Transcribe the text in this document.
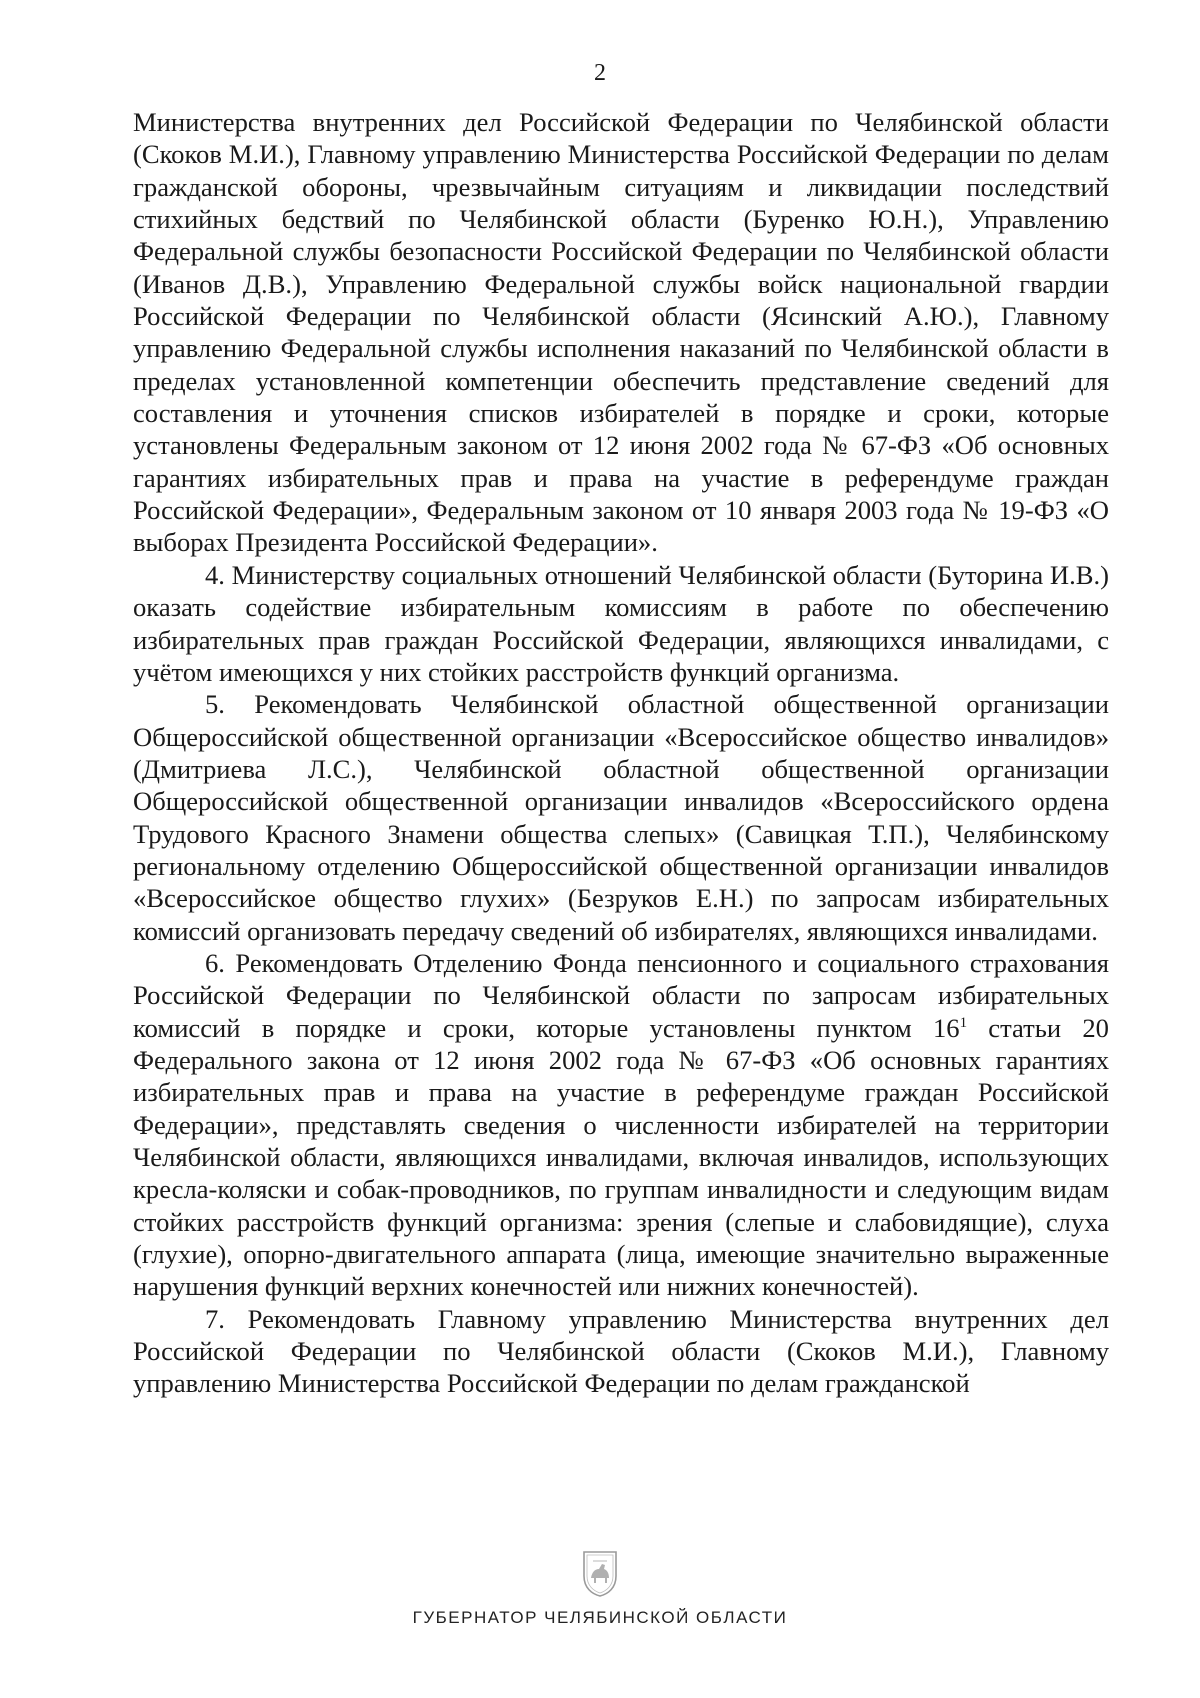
2

Министерства внутренних дел Российской Федерации по Челябинской области (Скоков М.И.), Главному управлению Министерства Российской Федерации по делам гражданской обороны, чрезвычайным ситуациям и ликвидации последствий стихийных бедствий по Челябинской области (Буренко Ю.Н.), Управлению Федеральной службы безопасности Российской Федерации по Челябинской области (Иванов Д.В.), Управлению Федеральной службы войск национальной гвардии Российской Федерации по Челябинской области (Ясинский А.Ю.), Главному управлению Федеральной службы исполнения наказаний по Челябинской области в пределах установленной компетенции обеспечить представление сведений для составления и уточнения списков избирателей в порядке и сроки, которые установлены Федеральным законом от 12 июня 2002 года № 67-ФЗ «Об основных гарантиях избирательных прав и права на участие в референдуме граждан Российской Федерации», Федеральным законом от 10 января 2003 года № 19-ФЗ «О выборах Президента Российской Федерации».

4. Министерству социальных отношений Челябинской области (Буторина И.В.) оказать содействие избирательным комиссиям в работе по обеспечению избирательных прав граждан Российской Федерации, являющихся инвалидами, с учётом имеющихся у них стойких расстройств функций организма.

5. Рекомендовать Челябинской областной общественной организации Общероссийской общественной организации «Всероссийское общество инвалидов» (Дмитриева Л.С.), Челябинской областной общественной организации Общероссийской общественной организации инвалидов «Всероссийского ордена Трудового Красного Знамени общества слепых» (Савицкая Т.П.), Челябинскому региональному отделению Общероссийской общественной организации инвалидов «Всероссийское общество глухих» (Безруков Е.Н.) по запросам избирательных комиссий организовать передачу сведений об избирателях, являющихся инвалидами.

6. Рекомендовать Отделению Фонда пенсионного и социального страхования Российской Федерации по Челябинской области по запросам избирательных комиссий в порядке и сроки, которые установлены пунктом $16^1$ статьи 20 Федерального закона от 12 июня 2002 года № 67-ФЗ «Об основных гарантиях избирательных прав и права на участие в референдуме граждан Российской Федерации», представлять сведения о численности избирателей на территории Челябинской области, являющихся инвалидами, включая инвалидов, использующих кресла-коляски и собак-проводников, по группам инвалидности и следующим видам стойких расстройств функций организма: зрения (слепые и слабовидящие), слуха (глухие), опорно-двигательного аппарата (лица, имеющие значительно выраженные нарушения функций верхних конечностей или нижних конечностей).

7. Рекомендовать Главному управлению Министерства внутренних дел Российской Федерации по Челябинской области (Скоков М.И.), Главному управлению Министерства Российской Федерации по делам гражданской

ГУБЕРНАТОР ЧЕЛЯБИНСКОЙ ОБЛАСТИ
